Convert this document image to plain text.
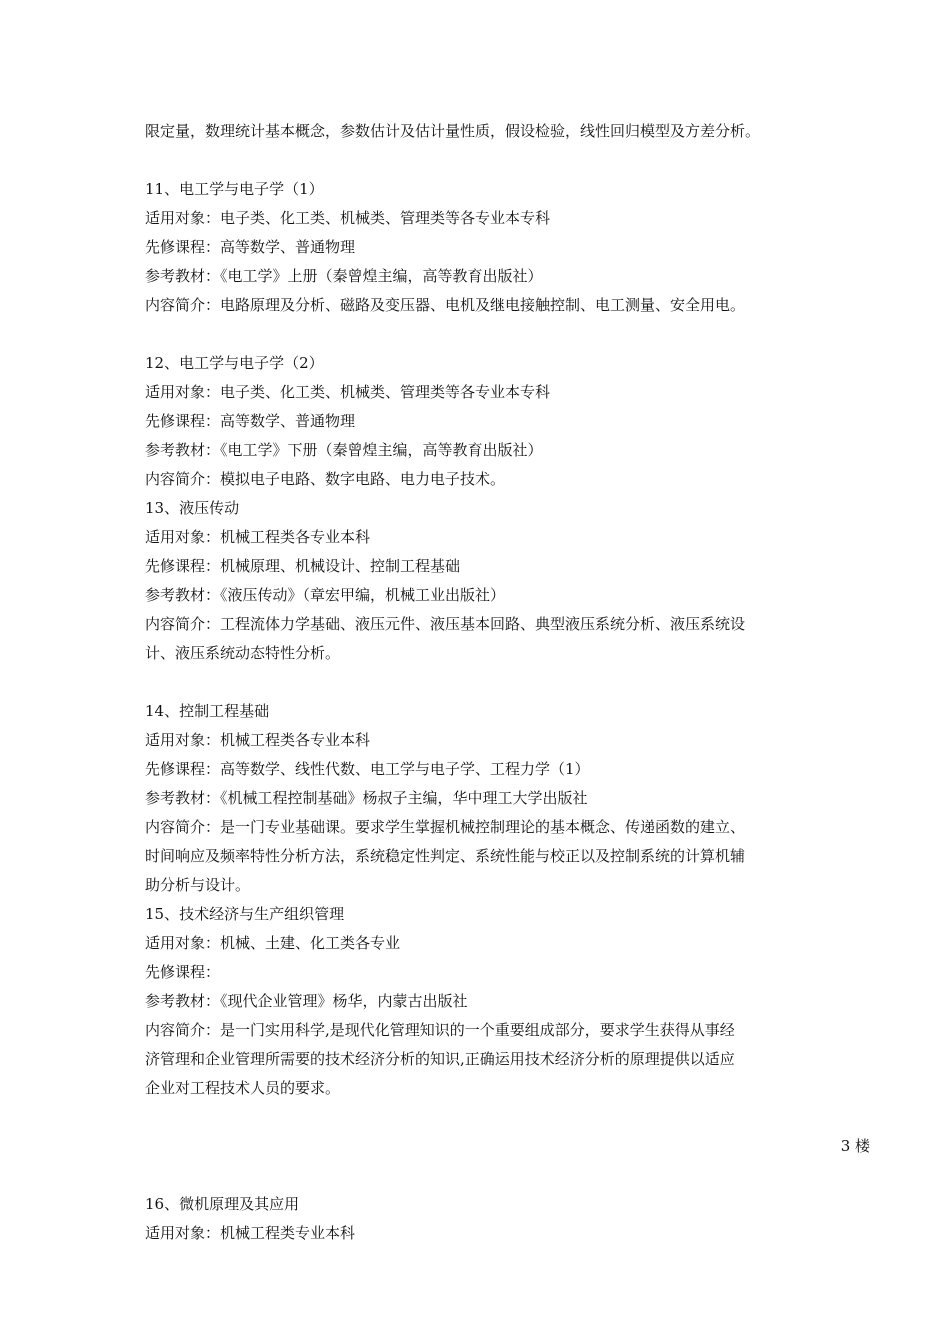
限定量，数理统计基本概念，参数估计及估计量性质，假设检验，线性回归模型及方差分析。
11、电工学与电子学（1）
适用对象：电子类、化工类、机械类、管理类等各专业本专科
先修课程：高等数学、普通物理
参考教材：《电工学》上册（秦曾煌主编，高等教育出版社）
内容简介：电路原理及分析、磁路及变压器、电机及继电接触控制、电工测量、安全用电。
12、电工学与电子学（2）
适用对象：电子类、化工类、机械类、管理类等各专业本专科
先修课程：高等数学、普通物理
参考教材：《电工学》下册（秦曾煌主编，高等教育出版社）
内容简介：模拟电子电路、数字电路、电力电子技术。
13、液压传动
适用对象：机械工程类各专业本科
先修课程：机械原理、机械设计、控制工程基础
参考教材：《液压传动》（章宏甲编，机械工业出版社）
内容简介：工程流体力学基础、液压元件、液压基本回路、典型液压系统分析、液压系统设
计、液压系统动态特性分析。
14、控制工程基础
适用对象：机械工程类各专业本科
先修课程：高等数学、线性代数、电工学与电子学、工程力学（1）
参考教材：《机械工程控制基础》杨叔子主编，华中理工大学出版社
内容简介：是一门专业基础课。要求学生掌握机械控制理论的基本概念、传递函数的建立、
时间响应及频率特性分析方法，系统稳定性判定、系统性能与校正以及控制系统的计算机辅
助分析与设计。
15、技术经济与生产组织管理
适用对象：机械、土建、化工类各专业
先修课程：
参考教材：《现代企业管理》杨华，内蒙古出版社
内容简介：是一门实用科学,是现代化管理知识的一个重要组成部分，要求学生获得从事经
济管理和企业管理所需要的技术经济分析的知识,正确运用技术经济分析的原理提供以适应
企业对工程技术人员的要求。
3 楼
16、微机原理及其应用
适用对象：机械工程类专业本科
